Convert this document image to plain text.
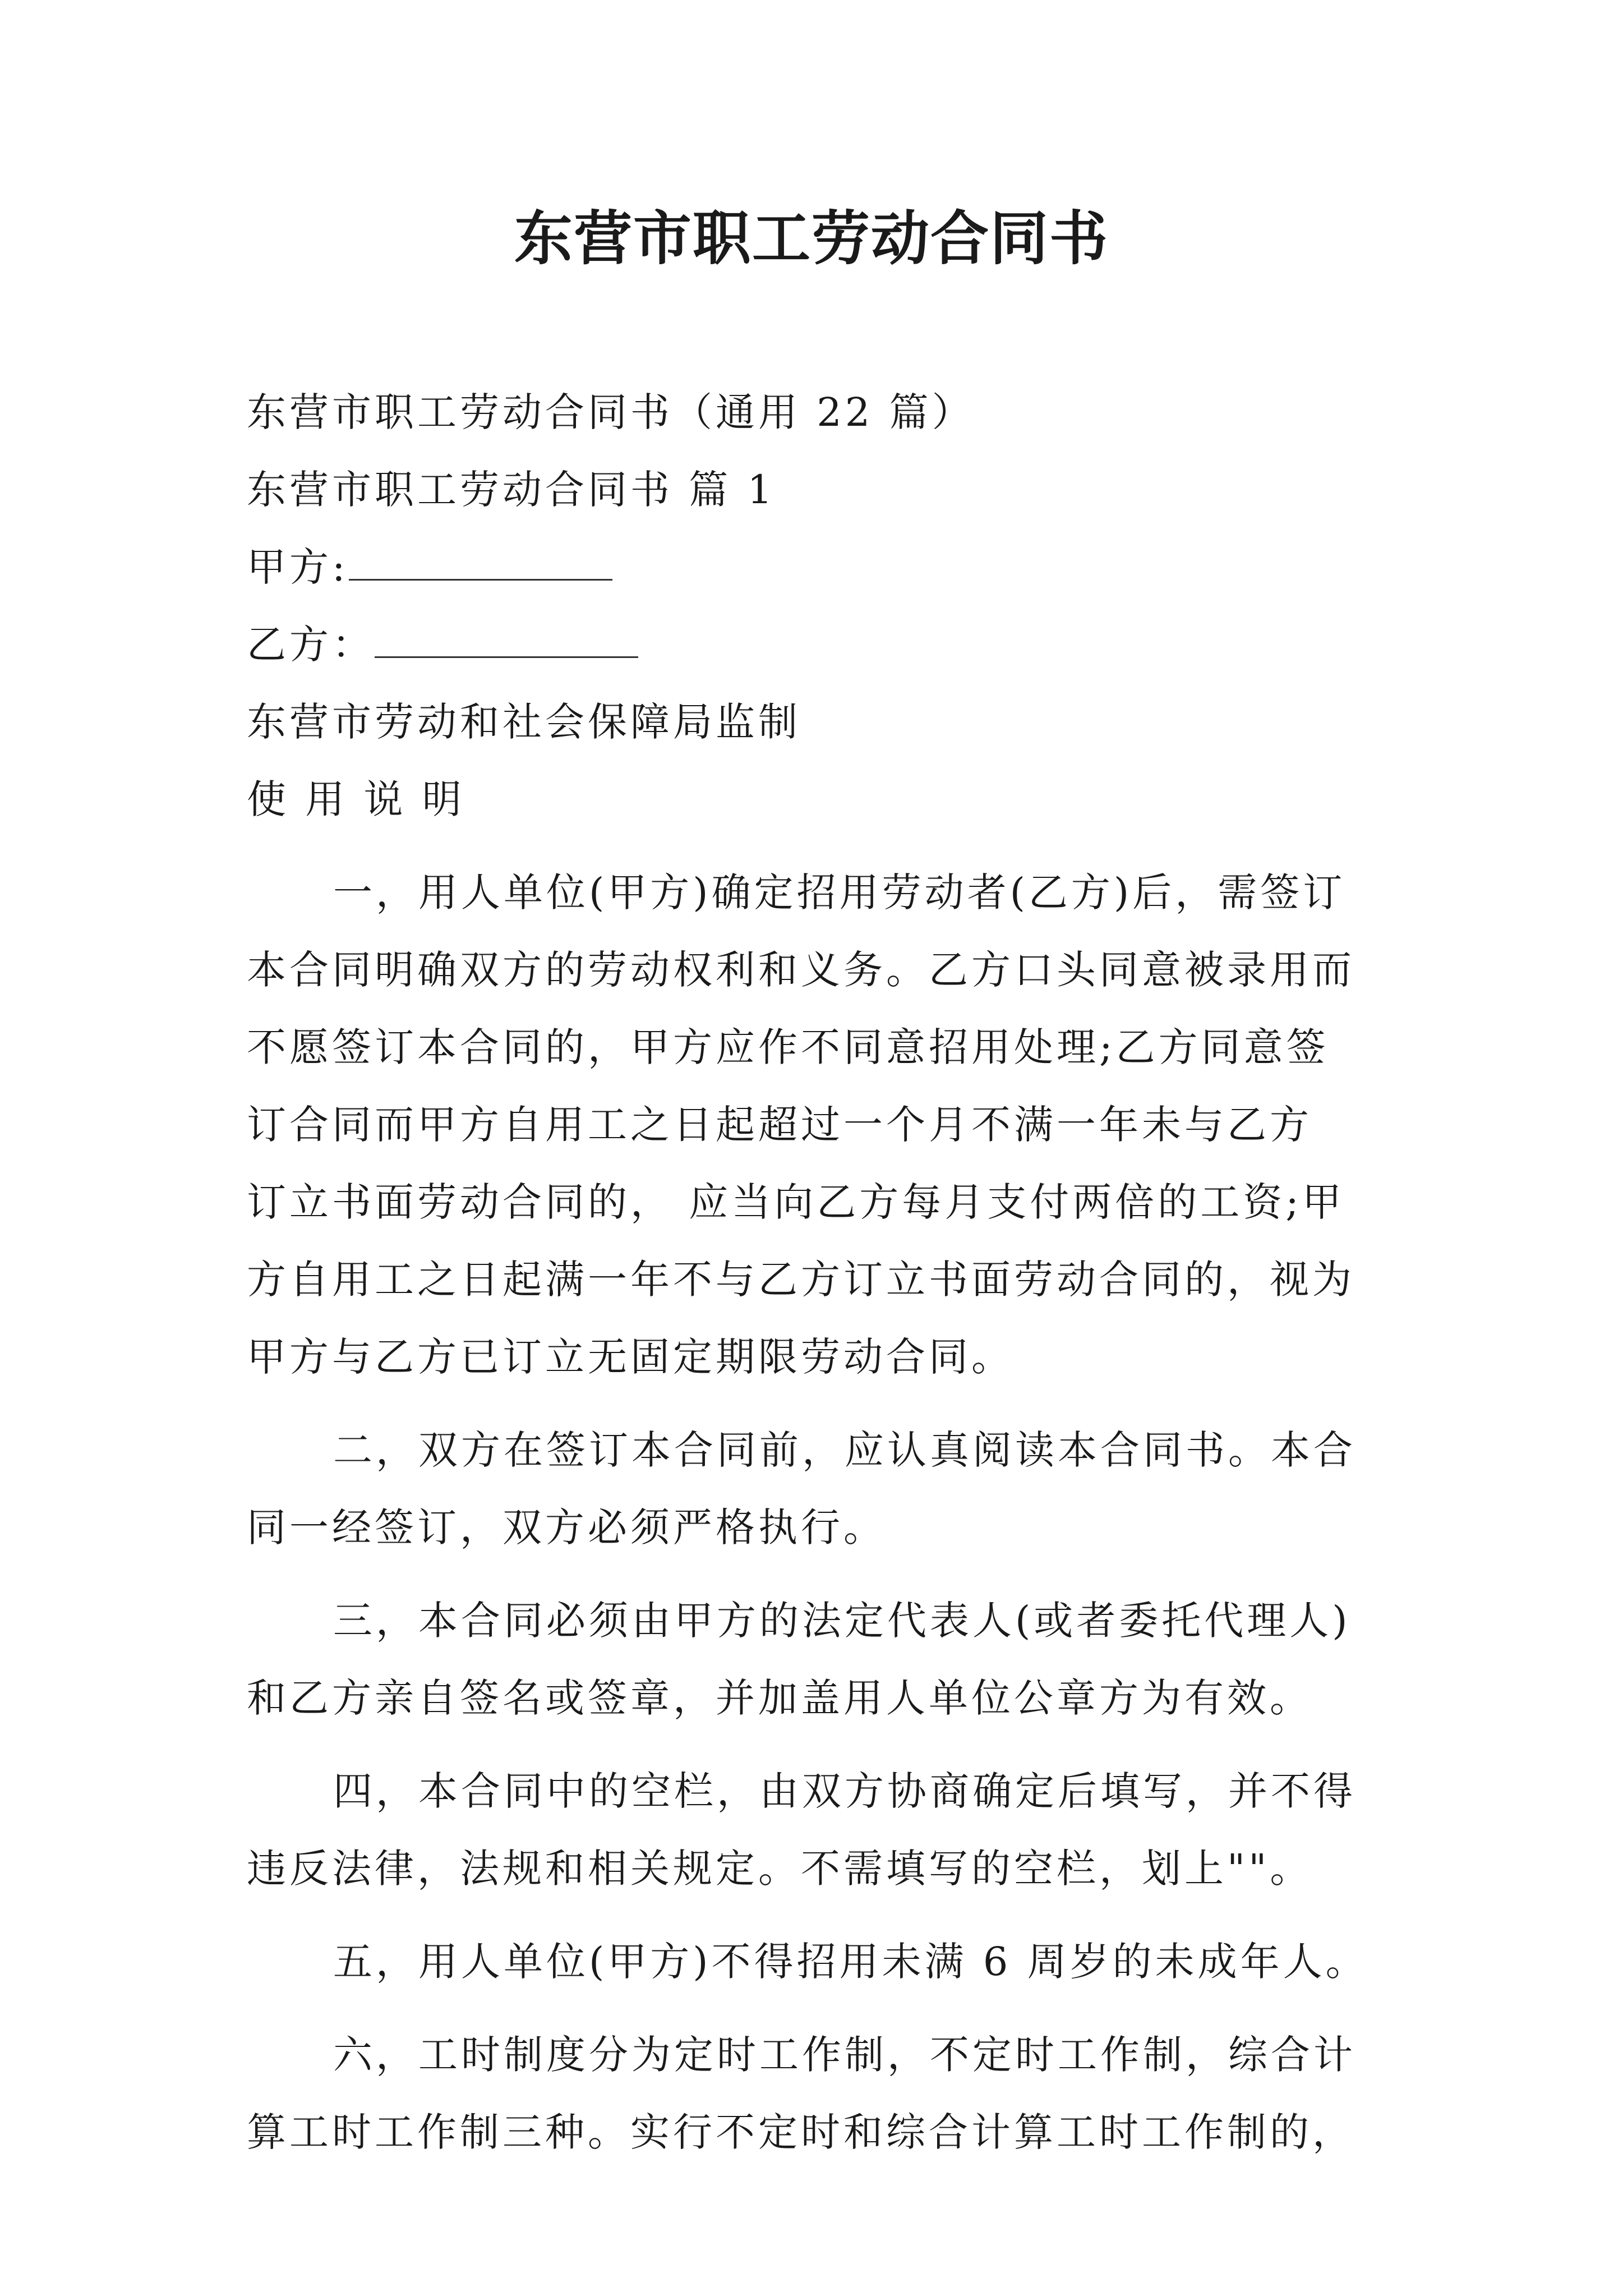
东营市职工劳动合同书
东营市职工劳动合同书（通用 22 篇）
东营市职工劳动合同书 篇 1
甲方:
乙方：
东营市劳动和社会保障局监制
使 用 说 明
一，用人单位(甲方)确定招用劳动者(乙方)后，需签订
本合同明确双方的劳动权利和义务。乙方口头同意被录用而
不愿签订本合同的，甲方应作不同意招用处理;乙方同意签
订合同而甲方自用工之日起超过一个月不满一年未与乙方
订立书面劳动合同的， 应当向乙方每月支付两倍的工资;甲
方自用工之日起满一年不与乙方订立书面劳动合同的，视为
甲方与乙方已订立无固定期限劳动合同。
二，双方在签订本合同前，应认真阅读本合同书。本合
同一经签订，双方必须严格执行。
三，本合同必须由甲方的法定代表人(或者委托代理人)
和乙方亲自签名或签章，并加盖用人单位公章方为有效。
四，本合同中的空栏，由双方协商确定后填写，并不得
违反法律，法规和相关规定。不需填写的空栏，划上""。
五，用人单位(甲方)不得招用未满 6 周岁的未成年人。
六，工时制度分为定时工作制，不定时工作制，综合计
算工时工作制三种。实行不定时和综合计算工时工作制的，
